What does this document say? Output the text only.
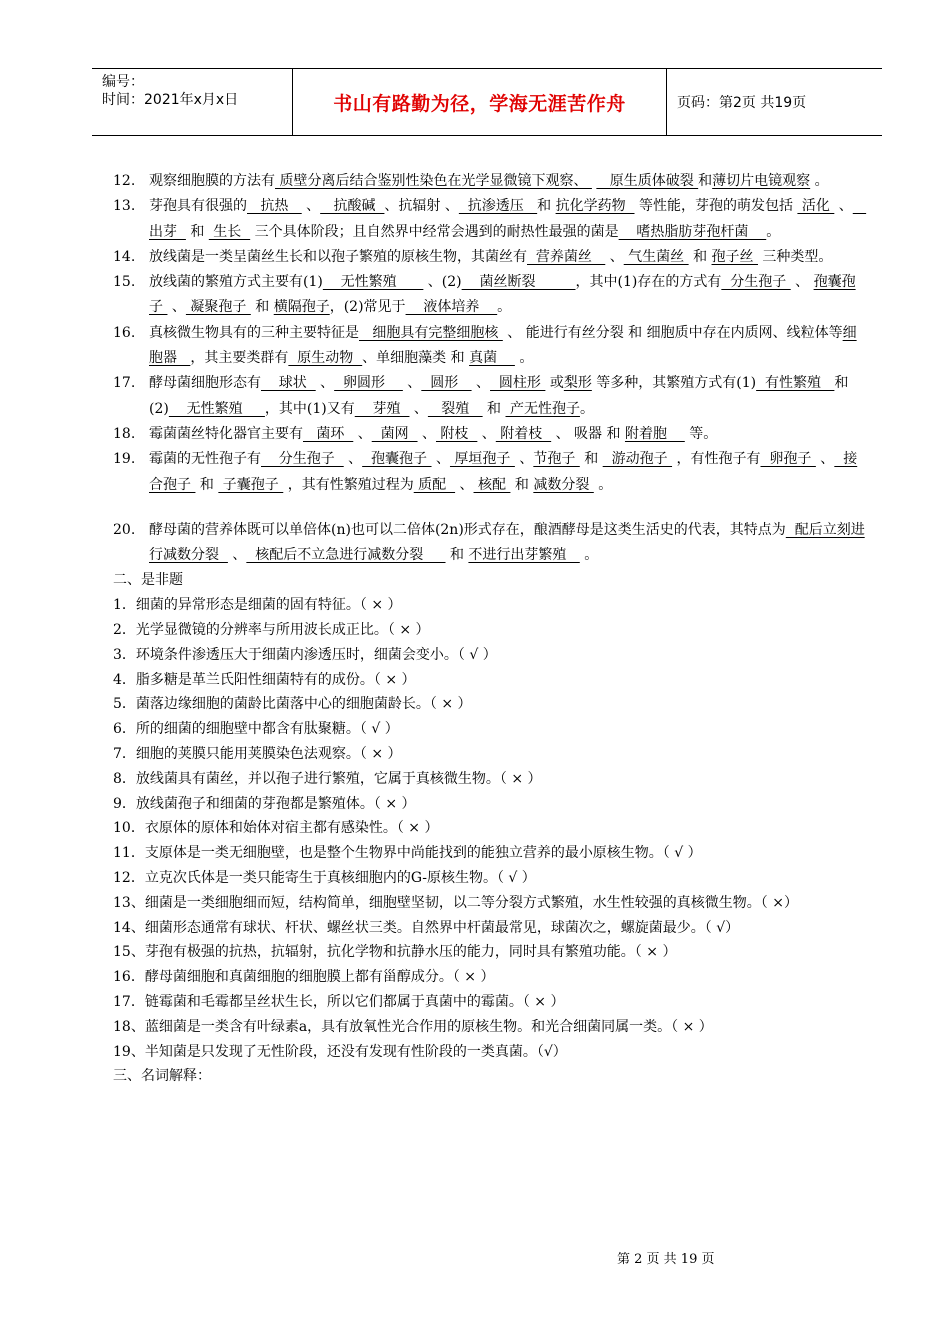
编号：
时间：2021年x月x日	书山有路勤为径，学海无涯苦作舟	页码：第2页 共19页
12. 观察细胞膜的方法有 质壁分离后结合鉴别性染色在光学显微镜下观察、     原生质体破裂 和薄切片电镜观察 。
13. 芽孢具有很强的   抗热    、   抗酸碱  、抗辐射 、  抗渗透压   和 抗化学药物   等性能，芽孢的萌发包括  活化  、   出芽   和  生长   三个具体阶段；且自然界中经常会遇到的耐热性最强的菌是    嗜热脂肪芽孢杆菌    。
14. 放线菌是一类呈菌丝生长和以孢子繁殖的原核生物，其菌丝有  营养菌丝    、 气生菌丝  和 孢子丝  三种类型。
15. 放线菌的繁殖方式主要有(1)    无性繁殖       、(2)    菌丝断裂         ，其中(1)存在的方式有  分生孢子  、 孢囊孢子  、 凝聚孢子  和 横隔孢子，(2)常见于    液体培养    。
16. 真核微生物具有的三种主要特征是   细胞具有完整细胞核  、 能进行有丝分裂 和 细胞质中存在内质网、线粒体等细胞器   ，其主要类群有  原生动物  、单细胞藻类 和 真菌     。
17. 酵母菌细胞形态有    球状   、  卵圆形     、  圆形    、  圆柱形  或梨形 等多种，其繁殖方式有(1)  有性繁殖   和(2)    无性繁殖     ，其中(1)又有    芽殖   、   裂殖    和  产无性孢子。
18. 霉菌菌丝特化器官主要有   菌环   、  菌网   、 附枝   、 附着枝   、 吸器 和 附着胞     等。
19. 霉菌的无性孢子有    分生孢子   、  孢囊孢子  、 厚垣孢子  、节孢子  和   游动孢子  ，有性孢子有  卵孢子  、  接合孢子  和  子囊孢子  ，其有性繁殖过程为 质配   、 核配  和 减数分裂  。
20. 酵母菌的营养体既可以单倍体(n)也可以二倍体(2n)形式存在，酿酒酵母是这类生活史的代表，其特点为  配后立刻进行减数分裂   、  核配后不立急进行减数分裂      和 不进行出芽繁殖    。
二、是非题
1．细菌的异常形态是细菌的固有特征。（ × ）
2．光学显微镜的分辨率与所用波长成正比。（ × ）
3．环境条件渗透压大于细菌内渗透压时，细菌会变小。（ √ ）
4．脂多糖是革兰氏阳性细菌特有的成份。（ × ）
5．菌落边缘细胞的菌龄比菌落中心的细胞菌龄长。（ × ）
6．所的细菌的细胞壁中都含有肽聚糖。（ √ ）
7．细胞的荚膜只能用荚膜染色法观察。（ × ）
8．放线菌具有菌丝，并以孢子进行繁殖，它属于真核微生物。（ × ）
9．放线菌孢子和细菌的芽孢都是繁殖体。（ × ）
10．衣原体的原体和始体对宿主都有感染性。（ × ）
11．支原体是一类无细胞壁，也是整个生物界中尚能找到的能独立营养的最小原核生物。（ √ ）
12．立克次氏体是一类只能寄生于真核细胞内的G-原核生物。（ √ ）
13、细菌是一类细胞细而短，结构简单，细胞壁坚韧，以二等分裂方式繁殖，水生性较强的真核微生物。（ ×）
14、细菌形态通常有球状、杆状、螺丝状三类。自然界中杆菌最常见，球菌次之，螺旋菌最少。（ √）
15、芽孢有极强的抗热，抗辐射，抗化学物和抗静水压的能力，同时具有繁殖功能。（ × ）
16．酵母菌细胞和真菌细胞的细胞膜上都有甾醇成分。（ × ）
17．链霉菌和毛霉都呈丝状生长，所以它们都属于真菌中的霉菌。（ × ）
18、蓝细菌是一类含有叶绿素a，具有放氧性光合作用的原核生物。和光合细菌同属一类。（ × ）
19、半知菌是只发现了无性阶段，还没有发现有性阶段的一类真菌。（√）
三、名词解释：
第 2 页 共 19 页
